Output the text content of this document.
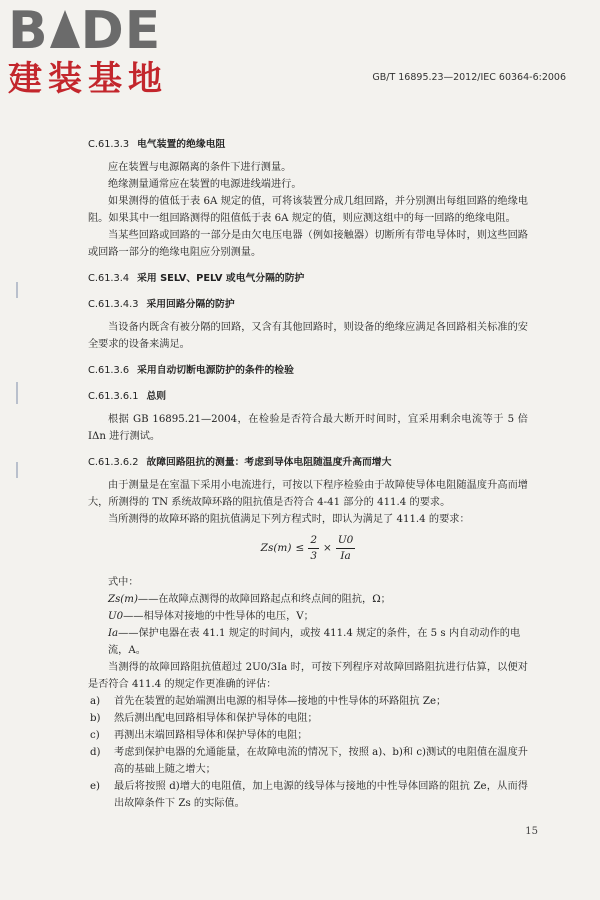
B DE
建装基地	GB/T 16895.23—2012/IEC 60364-6:2006

C.61.3.3 电气装置的绝缘电阻

应在装置与电源隔离的条件下进行测量。

绝缘测量通常应在装置的电源进线端进行。

如果测得的值低于表 6A 规定的值，可将该装置分成几组回路，并分别测出每组回路的绝缘电阻。如果其中一组回路测得的阻值低于表 6A 规定的值，则应测这组中的每一回路的绝缘电阻。

当某些回路或回路的一部分是由欠电压电器（例如接触器）切断所有带电导体时，则这些回路或回路一部分的绝缘电阻应分别测量。

C.61.3.4 采用 SELV、PELV 或电气分隔的防护

C.61.3.4.3 采用回路分隔的防护

当设备内既含有被分隔的回路，又含有其他回路时，则设备的绝缘应满足各回路相关标准的安全要求的设备来满足。

C.61.3.6 采用自动切断电源防护的条件的检验

C.61.3.6.1 总则

根据 GB 16895.21—2004，在检验是否符合最大断开时间时，宜采用剩余电流等于 5 倍 IΔn 进行测试。

C.61.3.6.2 故障回路阻抗的测量：考虑到导体电阻随温度升高而增大

由于测量是在室温下采用小电流进行，可按以下程序检验由于故障使导体电阻随温度升高而增大，所测得的 TN 系统故障环路的阻抗值是否符合 4-41 部分的 411.4 的要求。

当所测得的故障环路的阻抗值满足下列方程式时，即认为满足了 411.4 的要求：

$Zs(m) \le \frac{2}{3} \times \frac{U0}{Ia}$

式中：

Zs(m)——在故障点测得的故障回路起点和终点间的阻抗，Ω；

U0——相导体对接地的中性导体的电压，V；

Ia——保护电器在表 41.1 规定的时间内，或按 411.4 规定的条件，在 5 s 内自动动作的电流，A。

当测得的故障回路阻抗值超过 2U0/3Ia 时，可按下列程序对故障回路阻抗进行估算，以便对是否符合 411.4 的规定作更准确的评估：

a)	首先在装置的起始端测出电源的相导体—接地的中性导体的环路阻抗 Ze；
b)	然后测出配电回路相导体和保护导体的电阻；
c)	再测出末端回路相导体和保护导体的电阻；
d)	考虑到保护电器的允通能量，在故障电流的情况下，按照 a)、b)和 c)测试的电阻值在温度升高的基础上随之增大；
e)	最后将按照 d)增大的电阻值，加上电源的线导体与接地的中性导体回路的阻抗 Ze，从而得出故障条件下 Zs 的实际值。
15
